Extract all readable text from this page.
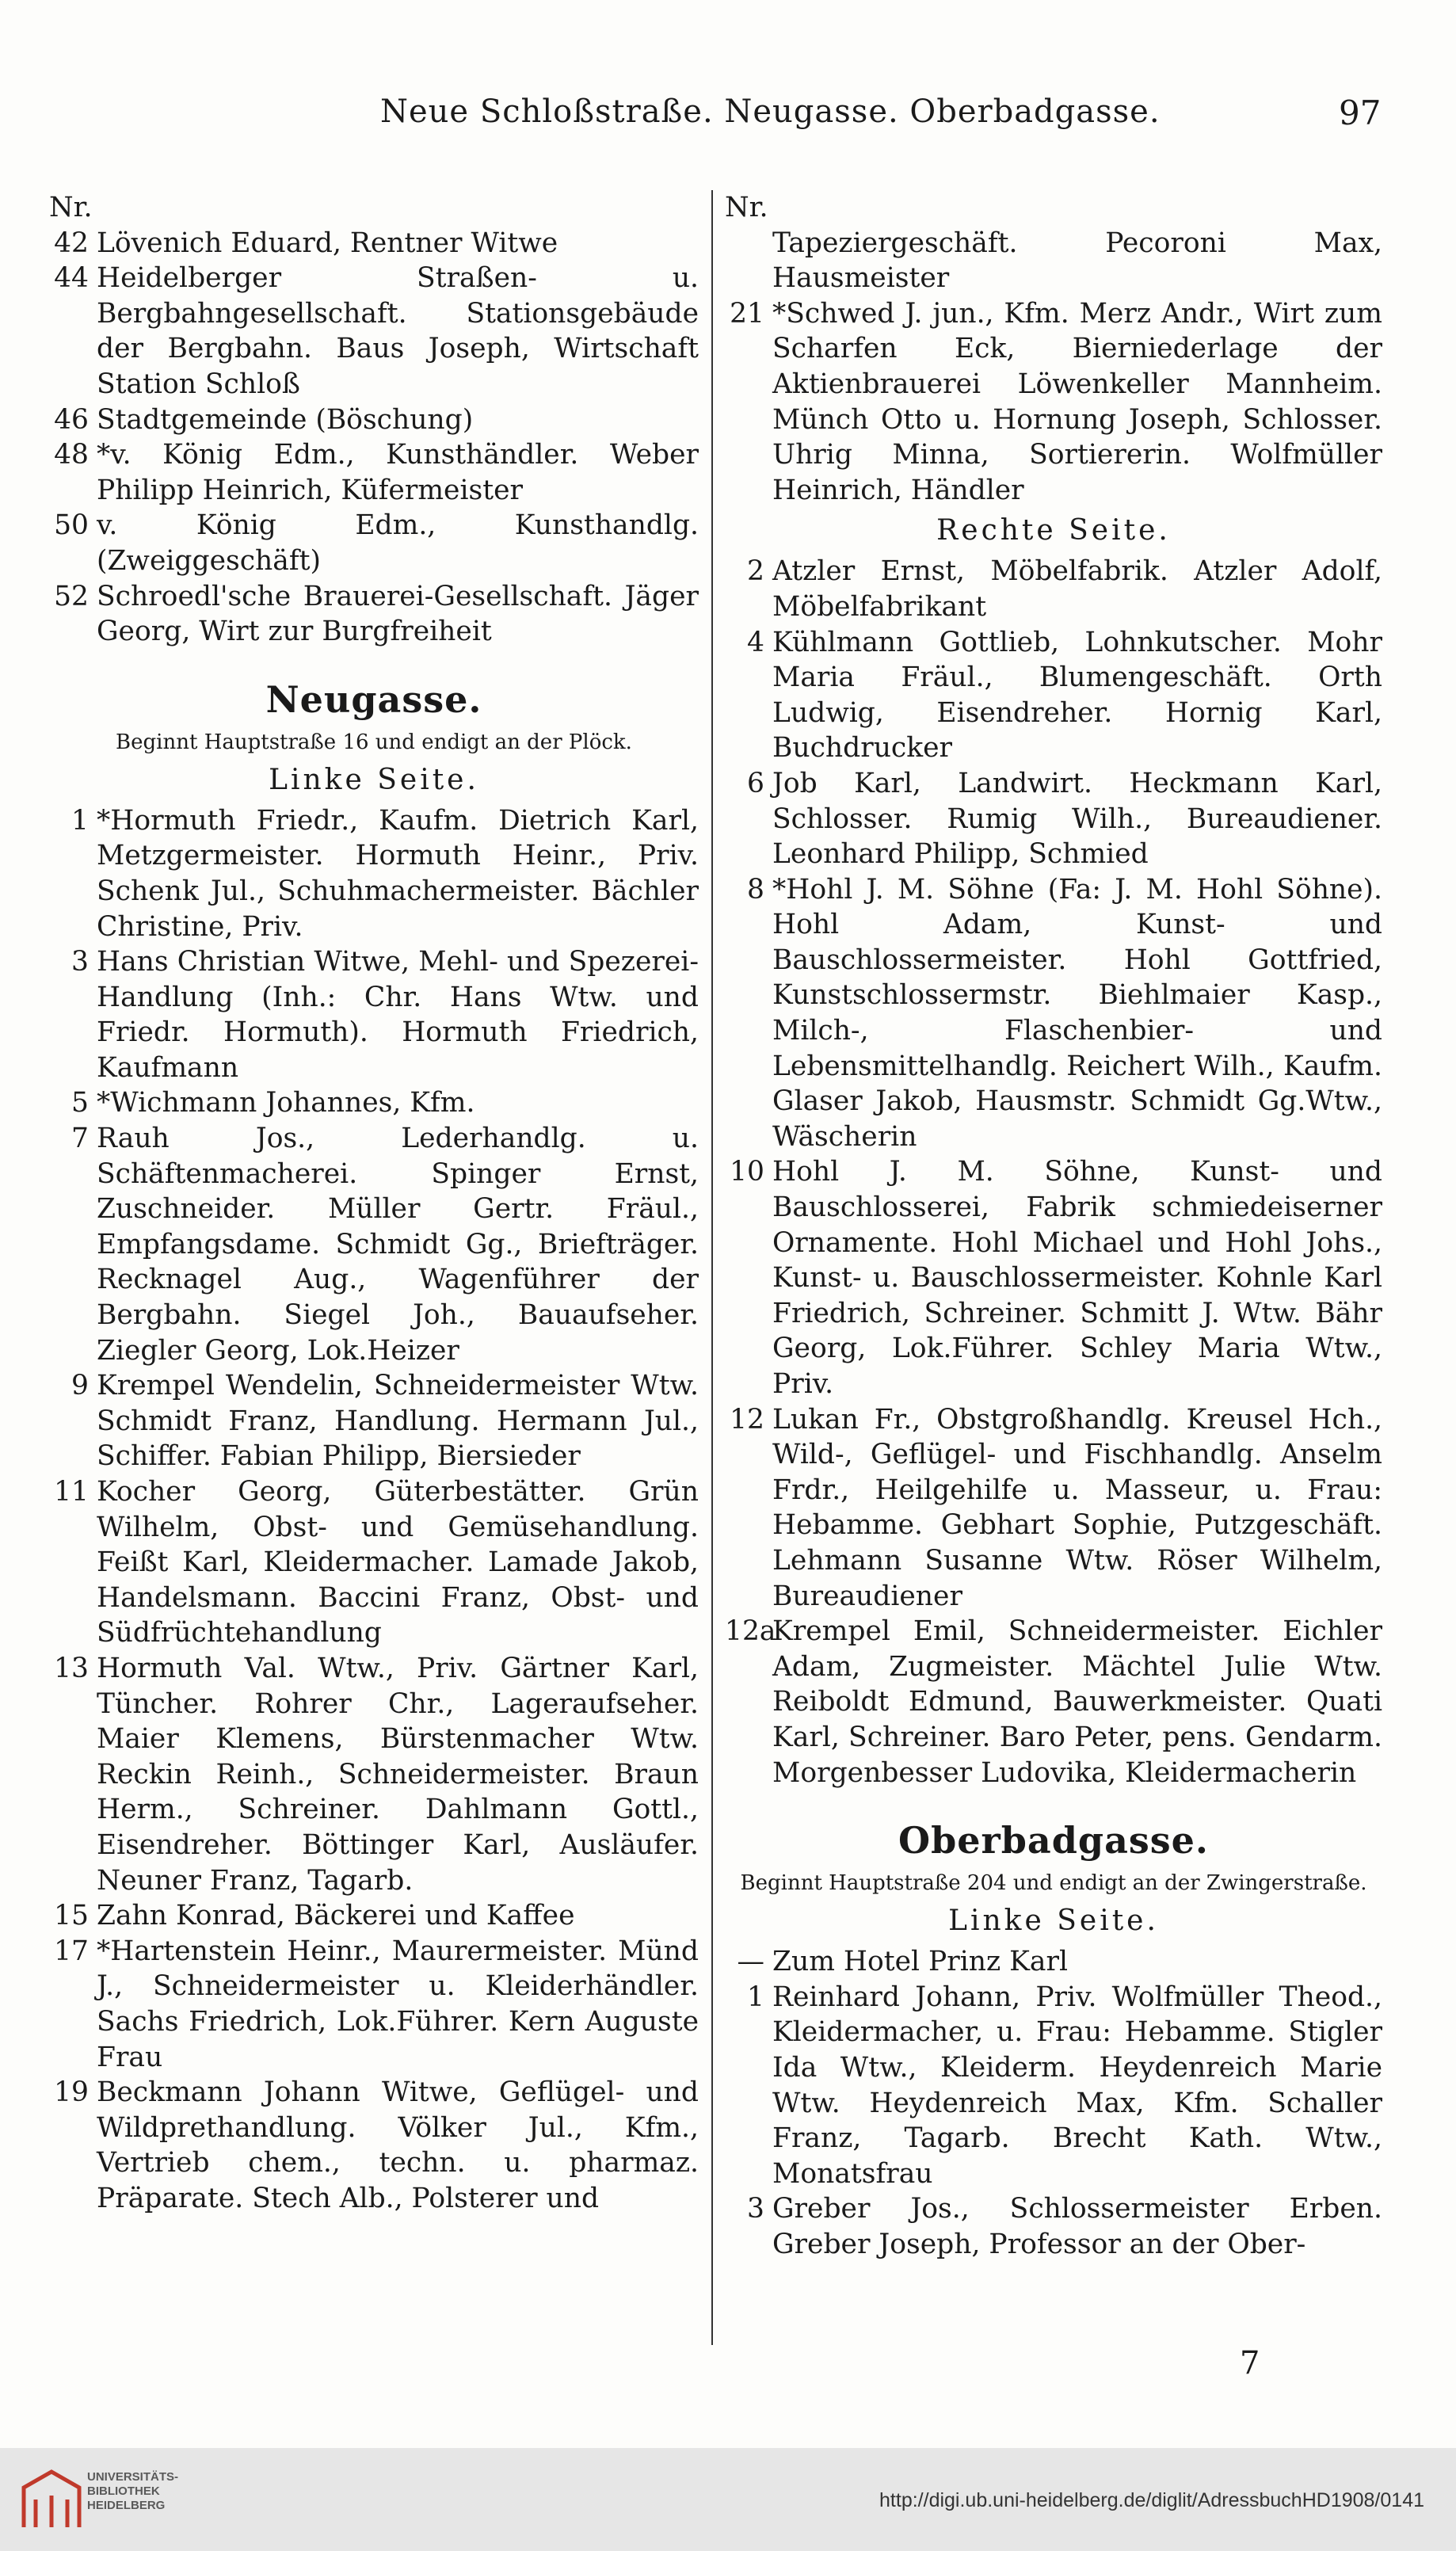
Neue Schloßstraße. Neugasse. Oberbadgasse.	97
Nr.
42 Lövenich Eduard, Rentner Witwe
44 Heidelberger Straßen- u. Bergbahngesellschaft. Stationsgebäude der Bergbahn. Baus Joseph, Wirtschaft Station Schloß
46 Stadtgemeinde (Böschung)
48 *v. König Edm., Kunsthändler. Weber Philipp Heinrich, Küfermeister
50 v. König Edm., Kunsthandlg. (Zweiggeschäft)
52 Schroedl'sche Brauerei-Gesellschaft. Jäger Georg, Wirt zur Burgfreiheit
Neugasse.
Beginnt Hauptstraße 16 und endigt an der Plöck.
Linke Seite.
1 *Hormuth Friedr., Kaufm. Dietrich Karl, Metzgermeister. Hormuth Heinr., Priv. Schenk Jul., Schuhmachermeister. Bächler Christine, Priv.
3 Hans Christian Witwe, Mehl- und Spezerei-Handlung (Inh.: Chr. Hans Wtw. und Friedr. Hormuth). Hormuth Friedrich, Kaufmann
5 *Wichmann Johannes, Kfm.
7 Rauh Jos., Lederhandlg. u. Schäftenmacherei. Spinger Ernst, Zuschneider. Müller Gertr. Fräul., Empfangsdame. Schmidt Gg., Briefträger. Recknagel Aug., Wagenführer der Bergbahn. Siegel Joh., Bauaufseher. Ziegler Georg, Lok.Heizer
9 Krempel Wendelin, Schneidermeister Wtw. Schmidt Franz, Handlung. Hermann Jul., Schiffer. Fabian Philipp, Biersieder
11 Kocher Georg, Güterbestätter. Grün Wilhelm, Obst- und Gemüsehandlung. Feißt Karl, Kleidermacher. Lamade Jakob, Handelsmann. Baccini Franz, Obst- und Südfrüchtehandlung
13 Hormuth Val. Wtw., Priv. Gärtner Karl, Tüncher. Rohrer Chr., Lageraufseher. Maier Klemens, Bürstenmacher Wtw. Reckin Reinh., Schneidermeister. Braun Herm., Schreiner. Dahlmann Gottl., Eisendreher. Böttinger Karl, Ausläufer. Neuner Franz, Tagarb.
15 Zahn Konrad, Bäckerei und Kaffee
17 *Hartenstein Heinr., Maurermeister. Münd J., Schneidermeister u. Kleiderhändler. Sachs Friedrich, Lok.Führer. Kern Auguste Frau
19 Beckmann Johann Witwe, Geflügel- und Wildprethandlung. Völker Jul., Kfm., Vertrieb chem., techn. u. pharmaz. Präparate. Stech Alb., Polsterer und
Nr.
Tapeziergeschäft. Pecoroni Max, Hausmeister
21 *Schwed J. jun., Kfm. Merz Andr., Wirt zum Scharfen Eck, Bierniederlage der Aktienbrauerei Löwenkeller Mannheim. Münch Otto u. Hornung Joseph, Schlosser. Uhrig Minna, Sortiererin. Wolfmüller Heinrich, Händler
Rechte Seite.
2 Atzler Ernst, Möbelfabrik. Atzler Adolf, Möbelfabrikant
4 Kühlmann Gottlieb, Lohnkutscher. Mohr Maria Fräul., Blumengeschäft. Orth Ludwig, Eisendreher. Hornig Karl, Buchdrucker
6 Job Karl, Landwirt. Heckmann Karl, Schlosser. Rumig Wilh., Bureaudiener. Leonhard Philipp, Schmied
8 *Hohl J. M. Söhne (Fa: J. M. Hohl Söhne). Hohl Adam, Kunst- und Bauschlossermeister. Hohl Gottfried, Kunstschlossermstr. Biehlmaier Kasp., Milch-, Flaschenbier- und Lebensmittelhandlg. Reichert Wilh., Kaufm. Glaser Jakob, Hausmstr. Schmidt Gg.Wtw., Wäscherin
10 Hohl J. M. Söhne, Kunst- und Bauschlosserei, Fabrik schmiedeiserner Ornamente. Hohl Michael und Hohl Johs., Kunst- u. Bauschlossermeister. Kohnle Karl Friedrich, Schreiner. Schmitt J. Wtw. Bähr Georg, Lok.Führer. Schley Maria Wtw., Priv.
12 Lukan Fr., Obstgroßhandlg. Kreusel Hch., Wild-, Geflügel- und Fischhandlg. Anselm Frdr., Heilgehilfe u. Masseur, u. Frau: Hebamme. Gebhart Sophie, Putzgeschäft. Lehmann Susanne Wtw. Röser Wilhelm, Bureaudiener
12a
Krempel Emil, Schneidermeister. Eichler Adam, Zugmeister. Mächtel Julie Wtw. Reiboldt Edmund, Bauwerkmeister. Quati Karl, Schreiner. Baro Peter, pens. Gendarm. Morgenbesser Ludovika, Kleidermacherin
Oberbadgasse.
Beginnt Hauptstraße 204 und endigt an der Zwingerstraße.
Linke Seite.
— Zum Hotel Prinz Karl
1 Reinhard Johann, Priv. Wolfmüller Theod., Kleidermacher, u. Frau: Hebamme. Stigler Ida Wtw., Kleiderm. Heydenreich Marie Wtw. Heydenreich Max, Kfm. Schaller Franz, Tagarb. Brecht Kath. Wtw., Monatsfrau
3 Greber Jos., Schlossermeister Erben. Greber Joseph, Professor an der Ober-
7
UNIVERSITÄTS-
BIBLIOTHEK
HEIDELBERG	http://digi.ub.uni-heidelberg.de/diglit/AdressbuchHD1908/0141
